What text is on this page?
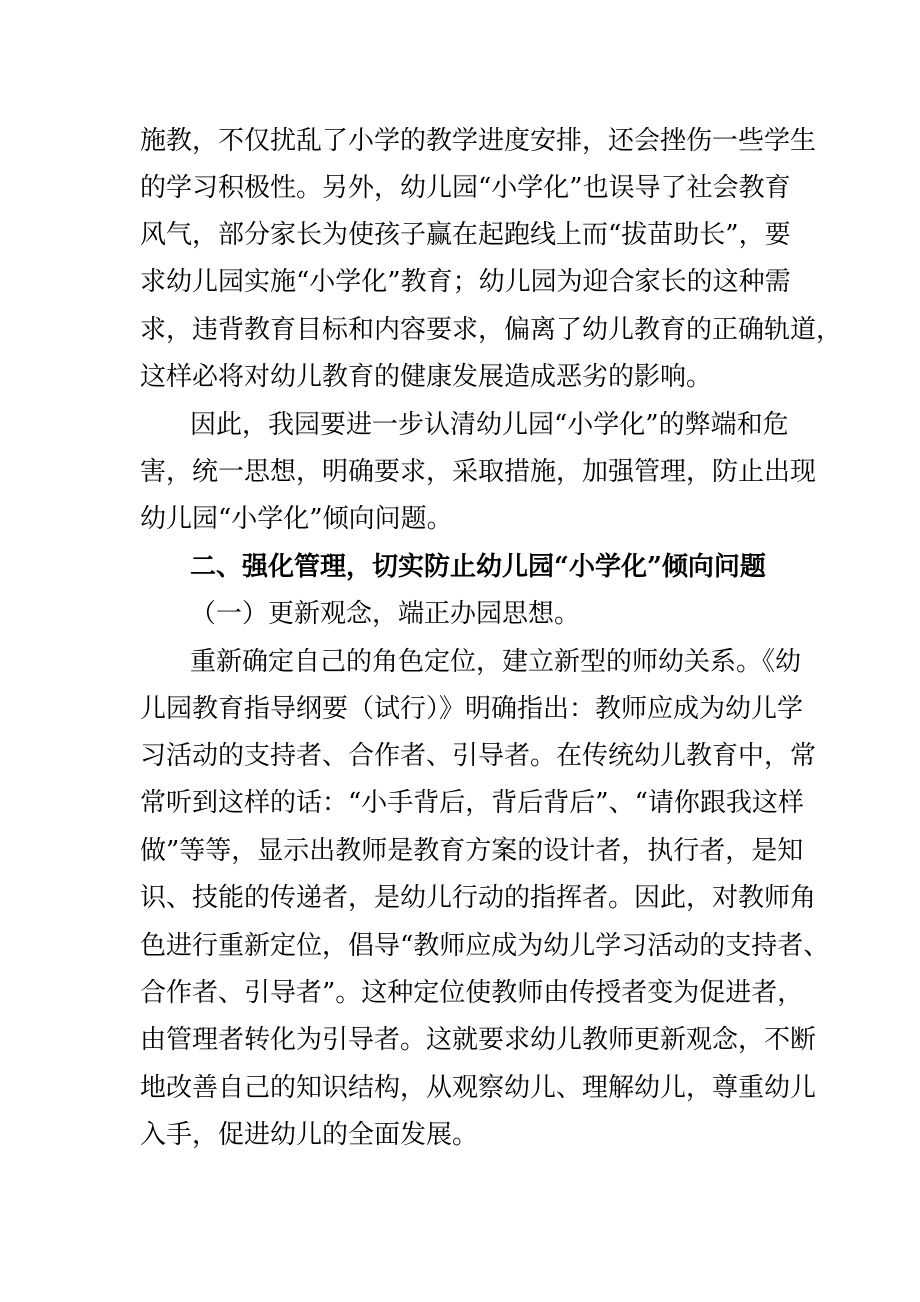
施教，不仅扰乱了小学的教学进度安排，还会挫伤一些学生
的学习积极性。另外，幼儿园“小学化”也误导了社会教育
风气，部分家长为使孩子赢在起跑线上而“拔苗助长”，要
求幼儿园实施“小学化”教育；幼儿园为迎合家长的这种需
求，违背教育目标和内容要求，偏离了幼儿教育的正确轨道，
这样必将对幼儿教育的健康发展造成恶劣的影响。
因此，我园要进一步认清幼儿园“小学化”的弊端和危
害，统一思想，明确要求，采取措施，加强管理，防止出现
幼儿园“小学化”倾向问题。
二、强化管理，切实防止幼儿园“小学化”倾向问题
（一）更新观念，端正办园思想。
重新确定自己的角色定位，建立新型的师幼关系。《幼
儿园教育指导纲要（试行）》明确指出：教师应成为幼儿学
习活动的支持者、合作者、引导者。在传统幼儿教育中，常
常听到这样的话：“小手背后，背后背后”、“请你跟我这样
做”等等，显示出教师是教育方案的设计者，执行者，是知
识、技能的传递者，是幼儿行动的指挥者。因此，对教师角
色进行重新定位，倡导“教师应成为幼儿学习活动的支持者、
合作者、引导者”。这种定位使教师由传授者变为促进者，
由管理者转化为引导者。这就要求幼儿教师更新观念，不断
地改善自己的知识结构，从观察幼儿、理解幼儿，尊重幼儿
入手，促进幼儿的全面发展。
